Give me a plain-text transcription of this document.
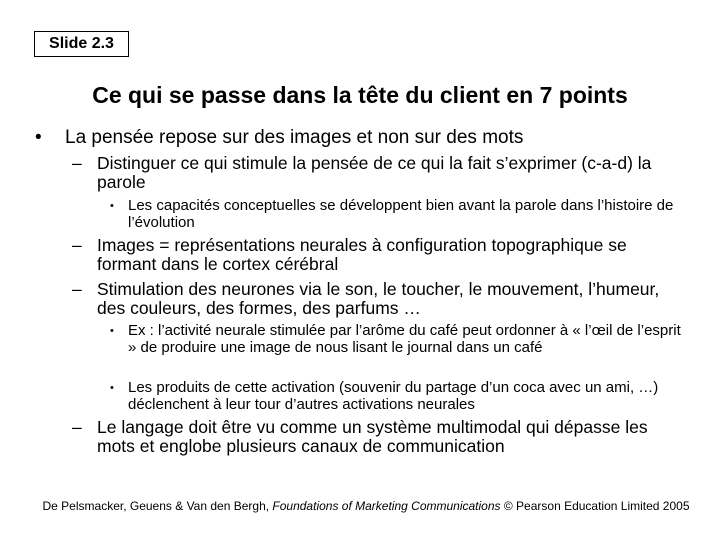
Slide 2.3
Ce qui se passe dans la tête du client en 7 points
• La pensée repose sur des images et non sur des mots
– Distinguer ce qui stimule la pensée de ce qui la fait s’exprimer (c-a-d) la parole
• Les capacités conceptuelles se développent bien avant la parole dans l’histoire de l’évolution
– Images = représentations neurales à configuration topographique se formant dans le cortex cérébral
– Stimulation des neurones via le son, le toucher, le mouvement, l’humeur, des couleurs, des formes, des parfums …
• Ex : l’activité neurale stimulée par l’arôme du café peut ordonner à « l’œil de l’esprit » de produire une image de nous lisant le journal dans un café
• Les produits de cette activation (souvenir du partage d’un coca avec un ami, …) déclenchent à leur tour d’autres activations neurales
– Le langage doit être vu comme un système multimodal qui dépasse les mots et englobe plusieurs canaux de communication
De Pelsmacker, Geuens & Van den Bergh, Foundations of Marketing Communications © Pearson Education Limited 2005
